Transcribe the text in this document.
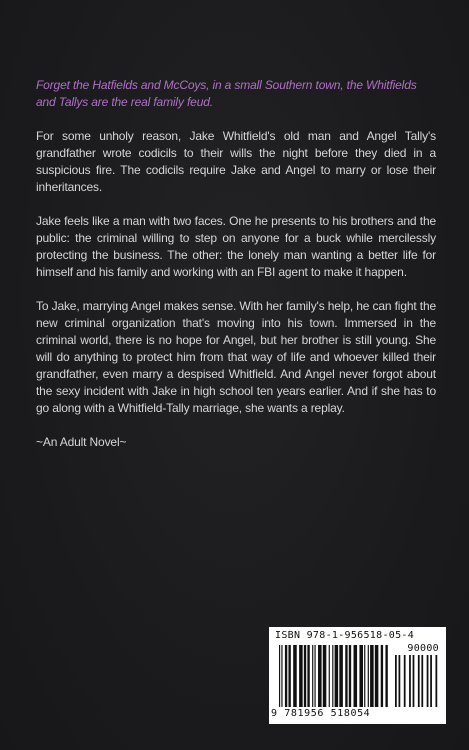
Forget the Hatfields and McCoys, in a small Southern town, the Whitfields and Tallys are the real family feud.

For some unholy reason, Jake Whitfield's old man and Angel Tally's grandfather wrote codicils to their wills the night before they died in a suspicious fire. The codicils require Jake and Angel to marry or lose their inheritances.

Jake feels like a man with two faces. One he presents to his brothers and the public: the criminal willing to step on anyone for a buck while mercilessly protecting the business. The other: the lonely man wanting a better life for himself and his family and working with an FBI agent to make it happen.

To Jake, marrying Angel makes sense. With her family's help, he can fight the new criminal organization that's moving into his town. Immersed in the criminal world, there is no hope for Angel, but her brother is still young. She will do anything to protect him from that way of life and whoever killed their grandfather, even marry a despised Whitfield. And Angel never forgot about the sexy incident with Jake in high school ten years earlier. And if she has to go along with a Whitfield-Tally marriage, she wants a replay.

~An Adult Novel~

ISBN 978-1-956518-05-4
90000
9 781956 518054
